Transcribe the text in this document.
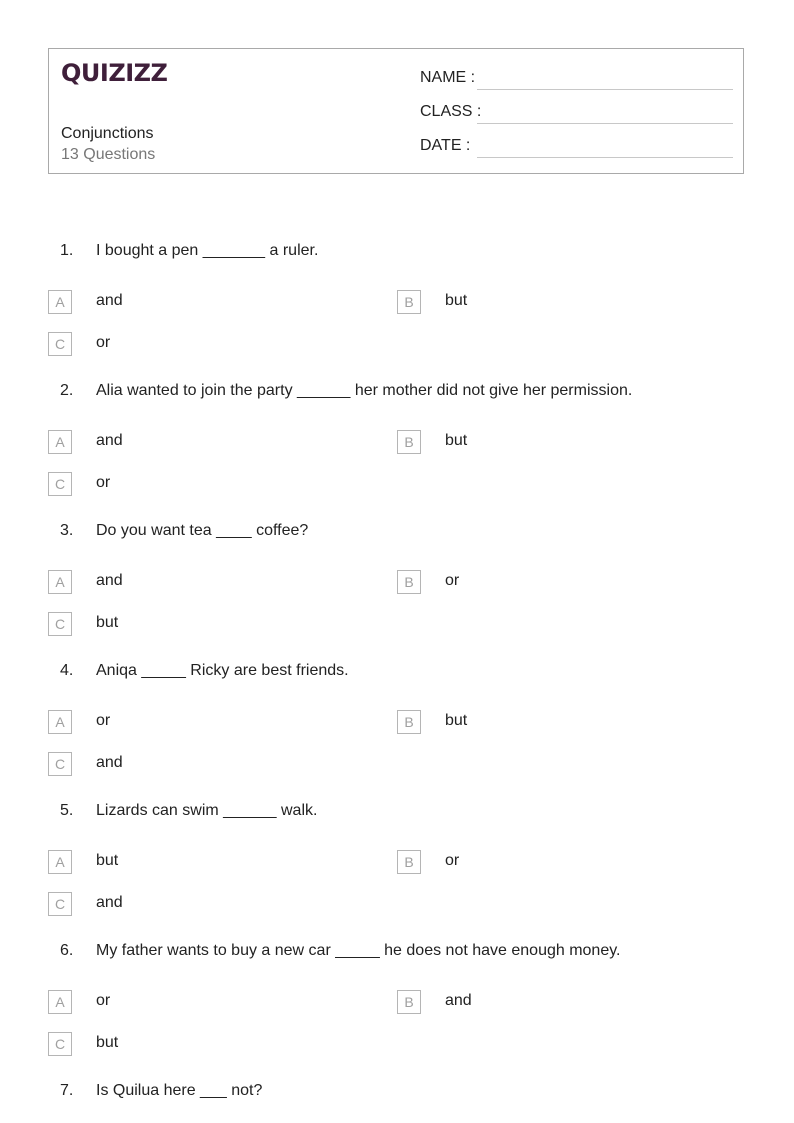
QUIZIZZ
Conjunctions
13 Questions
NAME :
CLASS :
DATE :
1.	I bought a pen _______ a ruler.
A	and	B	but
C	or
2.	Alia wanted to join the party ______ her mother did not give her permission.
A	and	B	but
C	or
3.	Do you want tea ____ coffee?
A	and	B	or
C	but
4.	Aniqa _____ Ricky are best friends.
A	or	B	but
C	and
5.	Lizards can swim ______ walk.
A	but	B	or
C	and
6.	My father wants to buy a new car _____ he does not have enough money.
A	or	B	and
C	but
7.	Is Quilua here ___ not?
